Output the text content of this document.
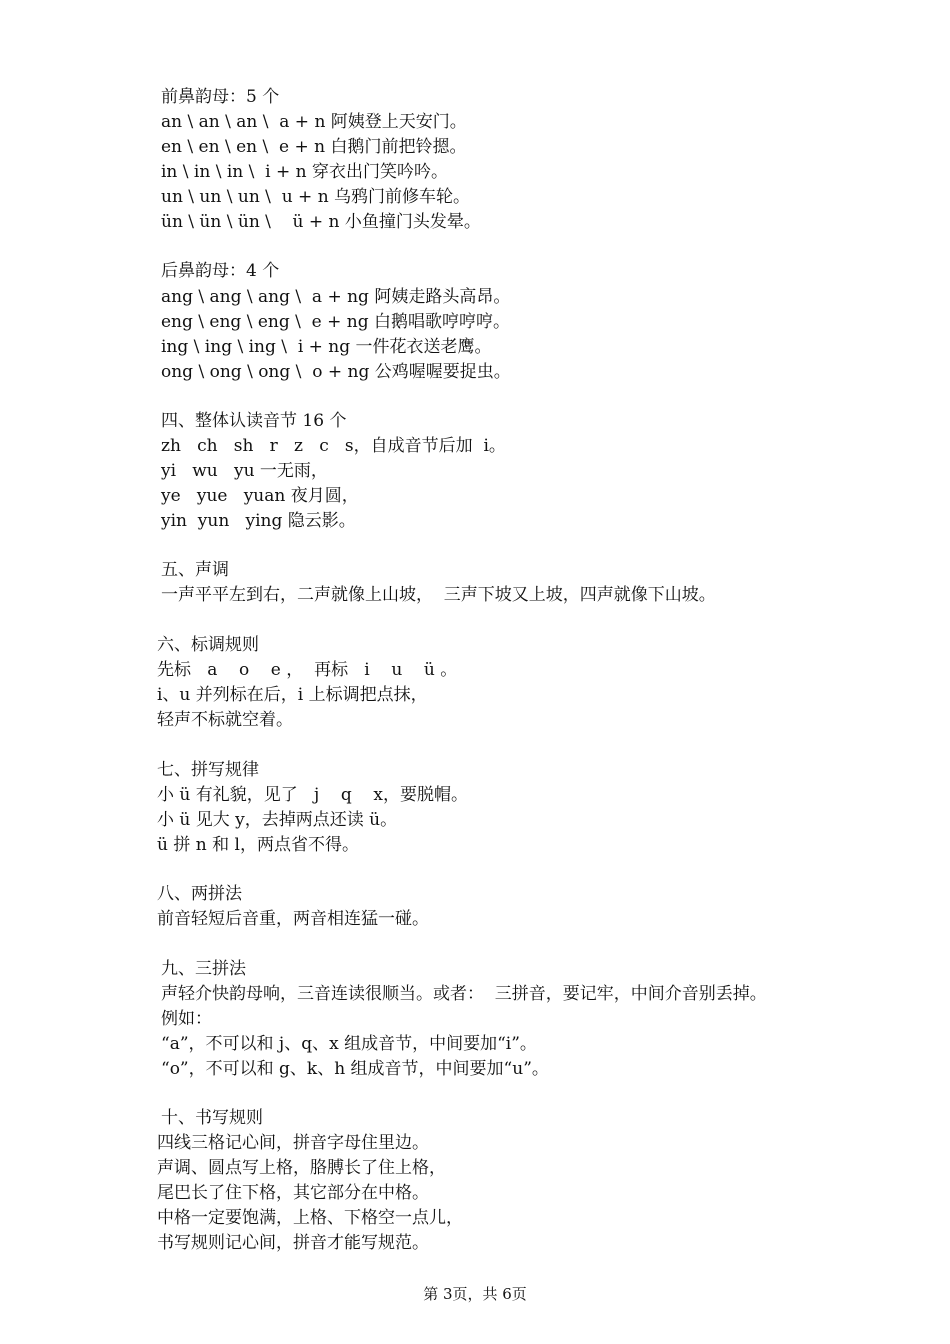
前鼻韵母：5 个
an \ an \ an \  a + n 阿姨登上天安门。
en \ en \ en \  e + n 白鹅门前把铃摁。
in \ in \ in \  i + n 穿衣出门笑吟吟。
un \ un \ un \  u + n 乌鸦门前修车轮。
ün \ ün \ ün \    ü + n 小鱼撞门头发晕。
后鼻韵母：4 个
ang \ ang \ ang \  a + ng 阿姨走路头高昂。
eng \ eng \ eng \  e + ng 白鹅唱歌哼哼哼。
ing \ ing \ ing \  i + ng 一件花衣送老鹰。
ong \ ong \ ong \  o + ng 公鸡喔喔要捉虫。
四、整体认读音节 16 个
zh   ch   sh   r   z   c   s，自成音节后加  i。
yi   wu   yu 一无雨，
ye   yue   yuan 夜月圆，
yin  yun   ying 隐云影。
五、声调
一声平平左到右，二声就像上山坡，  三声下坡又上坡，四声就像下山坡。
六、标调规则
先标   a    o    e ，  再标   i    u    ü 。
i、u 并列标在后，i 上标调把点抹，
轻声不标就空着。
七、拼写规律
小 ü 有礼貌，见了   j    q    x，要脱帽。
小 ü 见大 y，去掉两点还读 ü。
ü 拼 n 和 l，两点省不得。
八、两拼法
前音轻短后音重，两音相连猛一碰。
九、三拼法
声轻介快韵母响，三音连读很顺当。或者：  三拼音，要记牢，中间介音别丢掉。
例如：
“a”，不可以和 j、q、x 组成音节，中间要加“i”。
“o”，不可以和 g、k、h 组成音节，中间要加“u”。
十、书写规则
四线三格记心间，拼音字母住里边。
声调、圆点写上格，胳膊长了住上格，
尾巴长了住下格，其它部分在中格。
中格一定要饱满，上格、下格空一点儿，
书写规则记心间，拼音才能写规范。
第 3页，共 6页
